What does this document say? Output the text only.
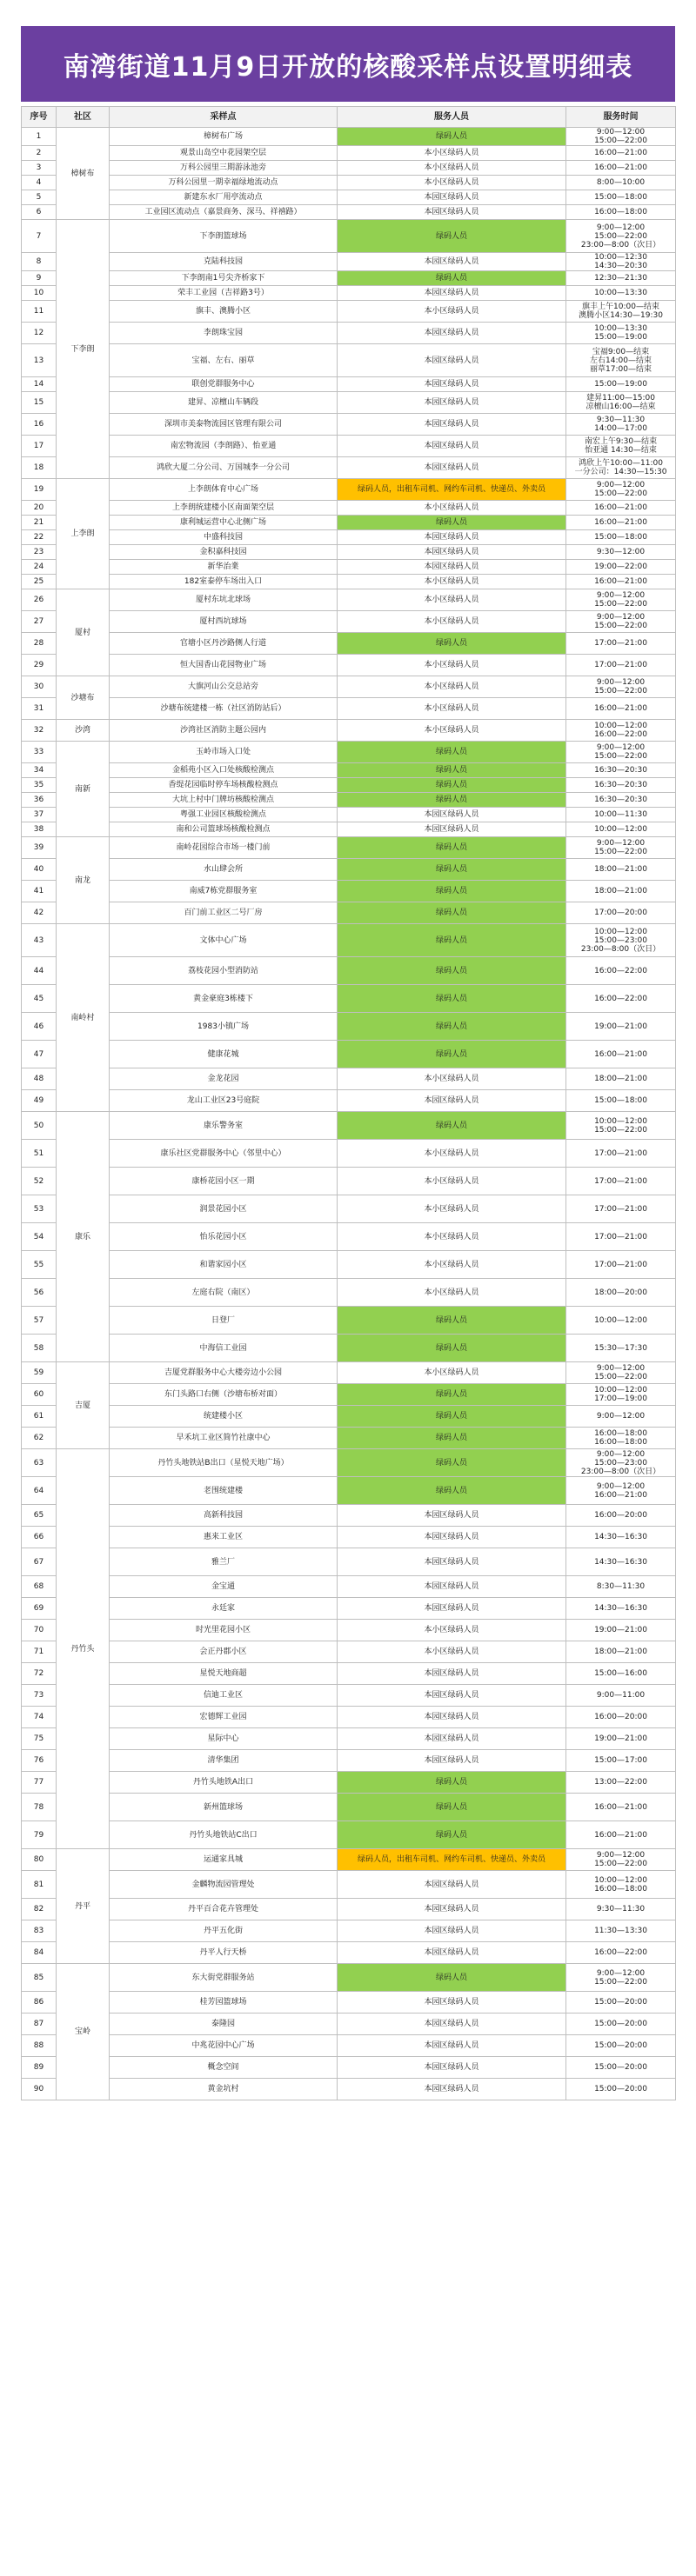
南湾街道11月9日开放的核酸采样点设置明细表
序号	社区	采样点	服务人员	服务时间
1	樟树布	樟树布广场	绿码人员	9:00—12:00
15:00—22:00
2		观景山岛空中花园架空层	本小区绿码人员	16:00—21:00
3		万科公园里三期游泳池旁	本小区绿码人员	16:00—21:00
4		万科公园里一期幸福绿地流动点	本小区绿码人员	8:00—10:00
5		新建东水厂用亭流动点	本园区绿码人员	15:00—18:00
6		工业园区流动点（嘉景商务、深马、祥禧路）	本园区绿码人员	16:00—18:00
7	下李朗	下李朗篮球场	绿码人员	9:00—12:00
15:00—22:00
23:00—8:00（次日）
8		克陆科技园	本园区绿码人员	10:00—12:30
14:30—20:30
9		下李朗南1号尖齐桥家下	绿码人员	12:30—21:30
10		荣丰工业园（吉祥路3号）	本园区绿码人员	10:00—13:30
11		旗丰、澳腾小区	本小区绿码人员	旗丰上午10:00—结束
澳腾小区14:30—19:30
12		李朗珠宝园	本园区绿码人员	10:00—13:30
15:00—19:00
13		宝福、左右、丽草	本园区绿码人员	宝福9:00—结束
左右14:00—结束
丽草17:00—结束
14		联创党群服务中心	本园区绿码人员	15:00—19:00
15		建昇、凉檀山车辆段	本园区绿码人员	建昇11:00—15:00
凉檀山16:00—结束
16		深圳市美泰物流园区管理有限公司	本园区绿码人员	9:30—11:30
14:00—17:00
17		南宏物流园（李朗路）、怡亚通	本园区绿码人员	南宏上午9:30—结束
怡亚通 14:30—结束
18		鸿欣大厦二分公司、万国城李一分公司	本园区绿码人员	鸿欣上午10:00—11:00
一分公司：14:30—15:30
19	上李朗	上李朗体育中心广场	绿码人员，出租车司机、网约车司机、快递员、外卖员	9:00—12:00
15:00—22:00
20		上李朗统建楼小区南面架空层	本小区绿码人员	16:00—21:00
21		康利城运营中心北侧广场	绿码人员	16:00—21:00
22		中盛科技园	本园区绿码人员	15:00—18:00
23		金积嘉科技园	本园区绿码人员	9:30—12:00
24		新华治業	本园区绿码人员	19:00—22:00
25		182室泰停车场出入口	本小区绿码人员	16:00—21:00
26	厦村	厦村东坑北球场	本小区绿码人员	9:00—12:00
15:00—22:00
27		厦村西坑球场	本小区绿码人员	9:00—12:00
15:00—22:00
28		官塘小区丹沙路侧人行道	绿码人员	17:00—21:00
29		恒大国香山花园物业广场	本小区绿码人员	17:00—21:00
30	沙塘布	大旗河山公交总站旁	本小区绿码人员	9:00—12:00
15:00—22:00
31		沙塘布统建楼一栋（社区消防站后）	本小区绿码人员	16:00—21:00
32	沙湾	沙湾社区消防主题公园内	本小区绿码人员	10:00—12:00
16:00—22:00
33	南新	玉岭市场入口处	绿码人员	9:00—12:00
15:00—22:00
34		金稻苑小区入口处核酸检测点	绿码人员	16:30—20:30
35		香缇花园临时停车场核酸检测点	绿码人员	16:30—20:30
36		大坑上村中门牌坊核酸检测点	绿码人员	16:30—20:30
37		粤强工业园区核酸检测点	本园区绿码人员	10:00—11:30
38		南和公司篮球场核酸检测点	本园区绿码人员	10:00—12:00
39	南龙	南岭花园综合市场一楼门前	绿码人员	9:00—12:00
15:00—22:00
40		水山肆会所	绿码人员	18:00—21:00
41		南威7栋党群服务室	绿码人员	18:00—21:00
42		百门前工业区二号厂房	绿码人员	17:00—20:00
43	南岭村	文体中心广场	绿码人员	10:00—12:00
15:00—23:00
23:00—8:00（次日）
44		荔枝花园小型消防站	绿码人员	16:00—22:00
45		黄金豪庭3栋楼下	绿码人员	16:00—22:00
46		1983小镇广场	绿码人员	19:00—21:00
47		健康花城	绿码人员	16:00—21:00
48		金龙花园	本小区绿码人员	18:00—21:00
49		龙山工业区23号庭院	本园区绿码人员	15:00—18:00
50	康乐	康乐警务室	绿码人员	10:00—12:00
15:00—22:00
51		康乐社区党群服务中心（邻里中心）	本小区绿码人员	17:00—21:00
52		康桥花园小区一期	本小区绿码人员	17:00—21:00
53		润景花园小区	本小区绿码人员	17:00—21:00
54		怡乐花园小区	本小区绿码人员	17:00—21:00
55		和谐家园小区	本小区绿码人员	17:00—21:00
56		左庭右院（南区）	本小区绿码人员	18:00—20:00
57		日登厂	绿码人员	10:00—12:00
58		中海信工业园	绿码人员	15:30—17:30
59	吉厦	吉厦党群服务中心大楼旁边小公园	本小区绿码人员	9:00—12:00
15:00—22:00
60		东门头路口右侧（沙塘布桥对面）	绿码人员	10:00—12:00
17:00—19:00
61		统建楼小区	绿码人员	9:00—12:00
62		早禾坑工业区简竹社康中心	绿码人员	16:00—18:00
16:00—18:00
63	丹竹头	丹竹头地铁站B出口（星悦天地广场）	绿码人员	9:00—12:00
15:00—23:00
23:00—8:00（次日）
64		老围统建楼	绿码人员	9:00—12:00
16:00—21:00
65		高新科技园	本园区绿码人员	16:00—20:00
66		惠来工业区	本园区绿码人员	14:30—16:30
67		雅兰厂	本园区绿码人员	14:30—16:30
68		金宝通	本园区绿码人员	8:30—11:30
69		永廷家	本园区绿码人员	14:30—16:30
70		时光里花园小区	本小区绿码人员	19:00—21:00
71		会正丹郡小区	本小区绿码人员	18:00—21:00
72		星悦天地商超	本园区绿码人员	15:00—16:00
73		信迪工业区	本园区绿码人员	9:00—11:00
74		宏德辉工业园	本园区绿码人员	16:00—20:00
75		星际中心	本园区绿码人员	19:00—21:00
76		清华集团	本园区绿码人员	15:00—17:00
77		丹竹头地铁A出口	绿码人员	13:00—22:00
78		新州篮球场	绿码人员	16:00—21:00
79		丹竹头地铁站C出口	绿码人员	16:00—21:00
80	丹平	运通家具城	绿码人员，出租车司机、网约车司机、快递员、外卖员	9:00—12:00
15:00—22:00
81		金麟物流园管理处	本园区绿码人员	10:00—12:00
16:00—18:00
82		丹平百合花卉管理处	本园区绿码人员	9:30—11:30
83		丹平五化街	本园区绿码人员	11:30—13:30
84		丹平人行天桥	本园区绿码人员	16:00—22:00
85	宝岭	东大街党群服务站	绿码人员	9:00—12:00
15:00—22:00
86		桂芳园篮球场	本园区绿码人员	15:00—20:00
87		泰隆园	本园区绿码人员	15:00—20:00
88		中兆花园中心广场	本园区绿码人员	15:00—20:00
89		概念空间	本园区绿码人员	15:00—20:00
90		黄金坑村	本园区绿码人员	15:00—20:00
